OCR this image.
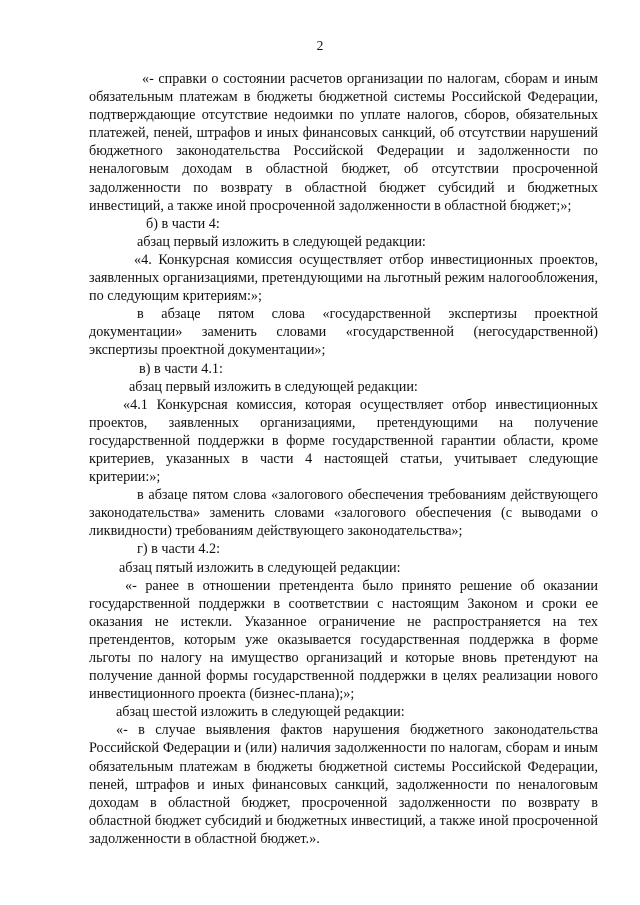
2

«- справки о состоянии расчетов организации по налогам, сборам и иным обязательным платежам в бюджеты бюджетной системы Российской Федерации, подтверждающие отсутствие недоимки по уплате налогов, сборов, обязательных платежей, пеней, штрафов и иных финансовых санкций, об отсутствии нарушений бюджетного законодательства Российской Федерации и задолженности по неналоговым доходам в областной бюджет, об отсутствии просроченной задолженности по возврату в областной бюджет субсидий и бюджетных инвестиций, а также иной просроченной задолженности в областной бюджет;»;

б) в части 4:

абзац первый изложить в следующей редакции:

«4. Конкурсная комиссия осуществляет отбор инвестиционных проектов, заявленных организациями, претендующими на льготный режим налогообложения, по следующим критериям:»;

в абзаце пятом слова «государственной экспертизы проектной документации» заменить словами «государственной (негосударственной) экспертизы проектной документации»;

в) в части 4.1:

абзац первый изложить в следующей редакции:

«4.1 Конкурсная комиссия, которая осуществляет отбор инвестиционных проектов, заявленных организациями, претендующими на получение государственной поддержки в форме государственной гарантии области, кроме критериев, указанных в части 4 настоящей статьи, учитывает следующие критерии:»;

в абзаце пятом слова «залогового обеспечения требованиям действующего законодательства» заменить словами «залогового обеспечения (с выводами о ликвидности) требованиям действующего законодательства»;

г) в части 4.2:

абзац пятый изложить в следующей редакции:

«- ранее в отношении претендента было принято решение об оказании государственной поддержки в соответствии с настоящим Законом и сроки ее оказания не истекли. Указанное ограничение не распространяется на тех претендентов, которым уже оказывается государственная поддержка в форме льготы по налогу на имущество организаций и которые вновь претендуют на получение данной формы государственной поддержки в целях реализации нового инвестиционного проекта (бизнес-плана);»;

абзац шестой изложить в следующей редакции:

«- в случае выявления фактов нарушения бюджетного законодательства Российской Федерации и (или) наличия задолженности по налогам, сборам и иным обязательным платежам в бюджеты бюджетной системы Российской Федерации, пеней, штрафов и иных финансовых санкций, задолженности по неналоговым доходам в областной бюджет, просроченной задолженности по возврату в областной бюджет субсидий и бюджетных инвестиций, а также иной просроченной задолженности в областной бюджет.».
